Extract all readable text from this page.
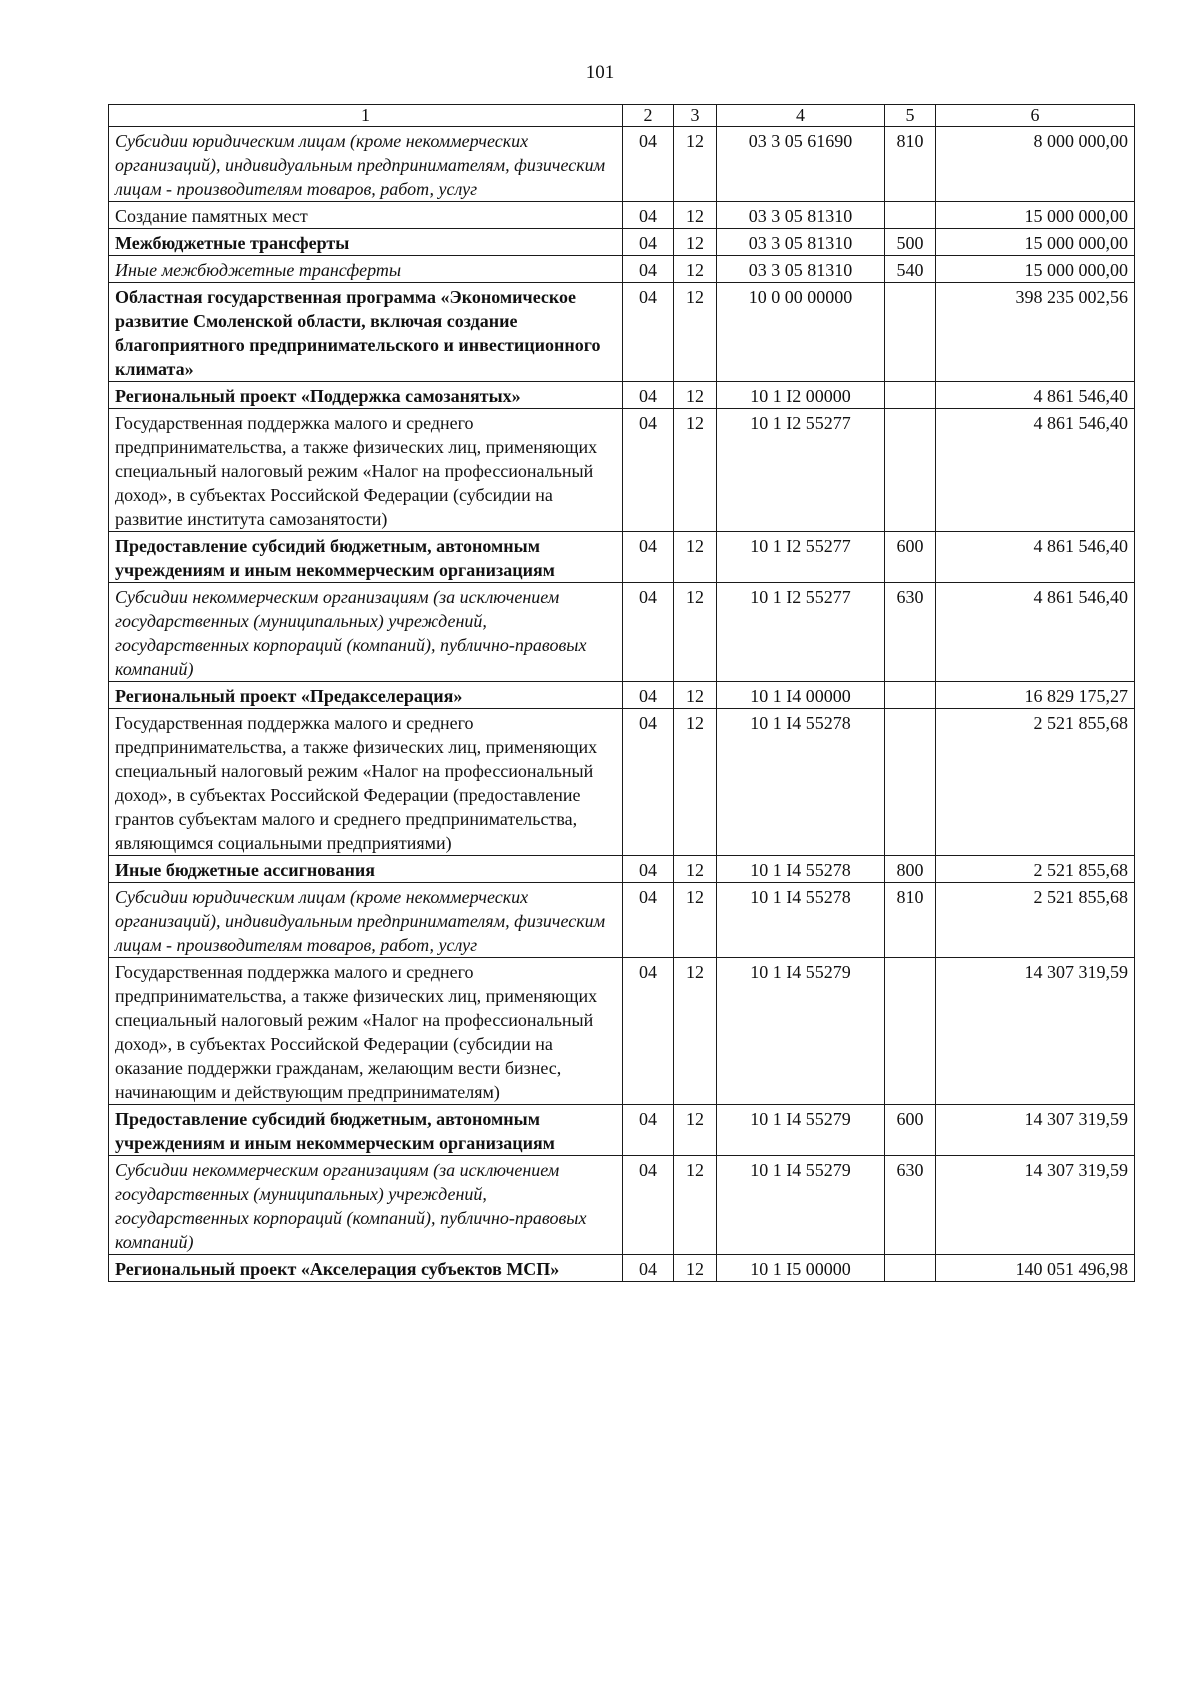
101
1	2	3	4	5	6
Субсидии юридическим лицам (кроме некоммерческих организаций), индивидуальным предпринимателям, физическим лицам - производителям товаров, работ, услуг	04	12	03 3 05 61690	810	8 000 000,00
Создание памятных мест	04	12	03 3 05 81310		15 000 000,00
Межбюджетные трансферты	04	12	03 3 05 81310	500	15 000 000,00
Иные межбюджетные трансферты	04	12	03 3 05 81310	540	15 000 000,00
Областная государственная программа «Экономическое развитие Смоленской области, включая создание благоприятного предпринимательского и инвестиционного климата»	04	12	10 0 00 00000		398 235 002,56
Региональный проект «Поддержка самозанятых»	04	12	10 1 I2 00000		4 861 546,40
Государственная поддержка малого и среднего предпринимательства, а также физических лиц, применяющих специальный налоговый режим «Налог на профессиональный доход», в субъектах Российской Федерации (субсидии на развитие института самозанятости)	04	12	10 1 I2 55277		4 861 546,40
Предоставление субсидий бюджетным, автономным учреждениям и иным некоммерческим организациям	04	12	10 1 I2 55277	600	4 861 546,40
Субсидии некоммерческим организациям (за исключением государственных (муниципальных) учреждений, государственных корпораций (компаний), публично-правовых компаний)	04	12	10 1 I2 55277	630	4 861 546,40
Региональный проект «Предакселерация»	04	12	10 1 I4 00000		16 829 175,27
Государственная поддержка малого и среднего предпринимательства, а также физических лиц, применяющих специальный налоговый режим «Налог на профессиональный доход», в субъектах Российской Федерации (предоставление грантов субъектам малого и среднего предпринимательства, являющимся социальными предприятиями)	04	12	10 1 I4 55278		2 521 855,68
Иные бюджетные ассигнования	04	12	10 1 I4 55278	800	2 521 855,68
Субсидии юридическим лицам (кроме некоммерческих организаций), индивидуальным предпринимателям, физическим лицам - производителям товаров, работ, услуг	04	12	10 1 I4 55278	810	2 521 855,68
Государственная поддержка малого и среднего предпринимательства, а также физических лиц, применяющих специальный налоговый режим «Налог на профессиональный доход», в субъектах Российской Федерации (субсидии на оказание поддержки гражданам, желающим вести бизнес, начинающим и действующим предпринимателям)	04	12	10 1 I4 55279		14 307 319,59
Предоставление субсидий бюджетным, автономным учреждениям и иным некоммерческим организациям	04	12	10 1 I4 55279	600	14 307 319,59
Субсидии некоммерческим организациям (за исключением государственных (муниципальных) учреждений, государственных корпораций (компаний), публично-правовых компаний)	04	12	10 1 I4 55279	630	14 307 319,59
Региональный проект «Акселерация субъектов МСП»	04	12	10 1 I5 00000		140 051 496,98
